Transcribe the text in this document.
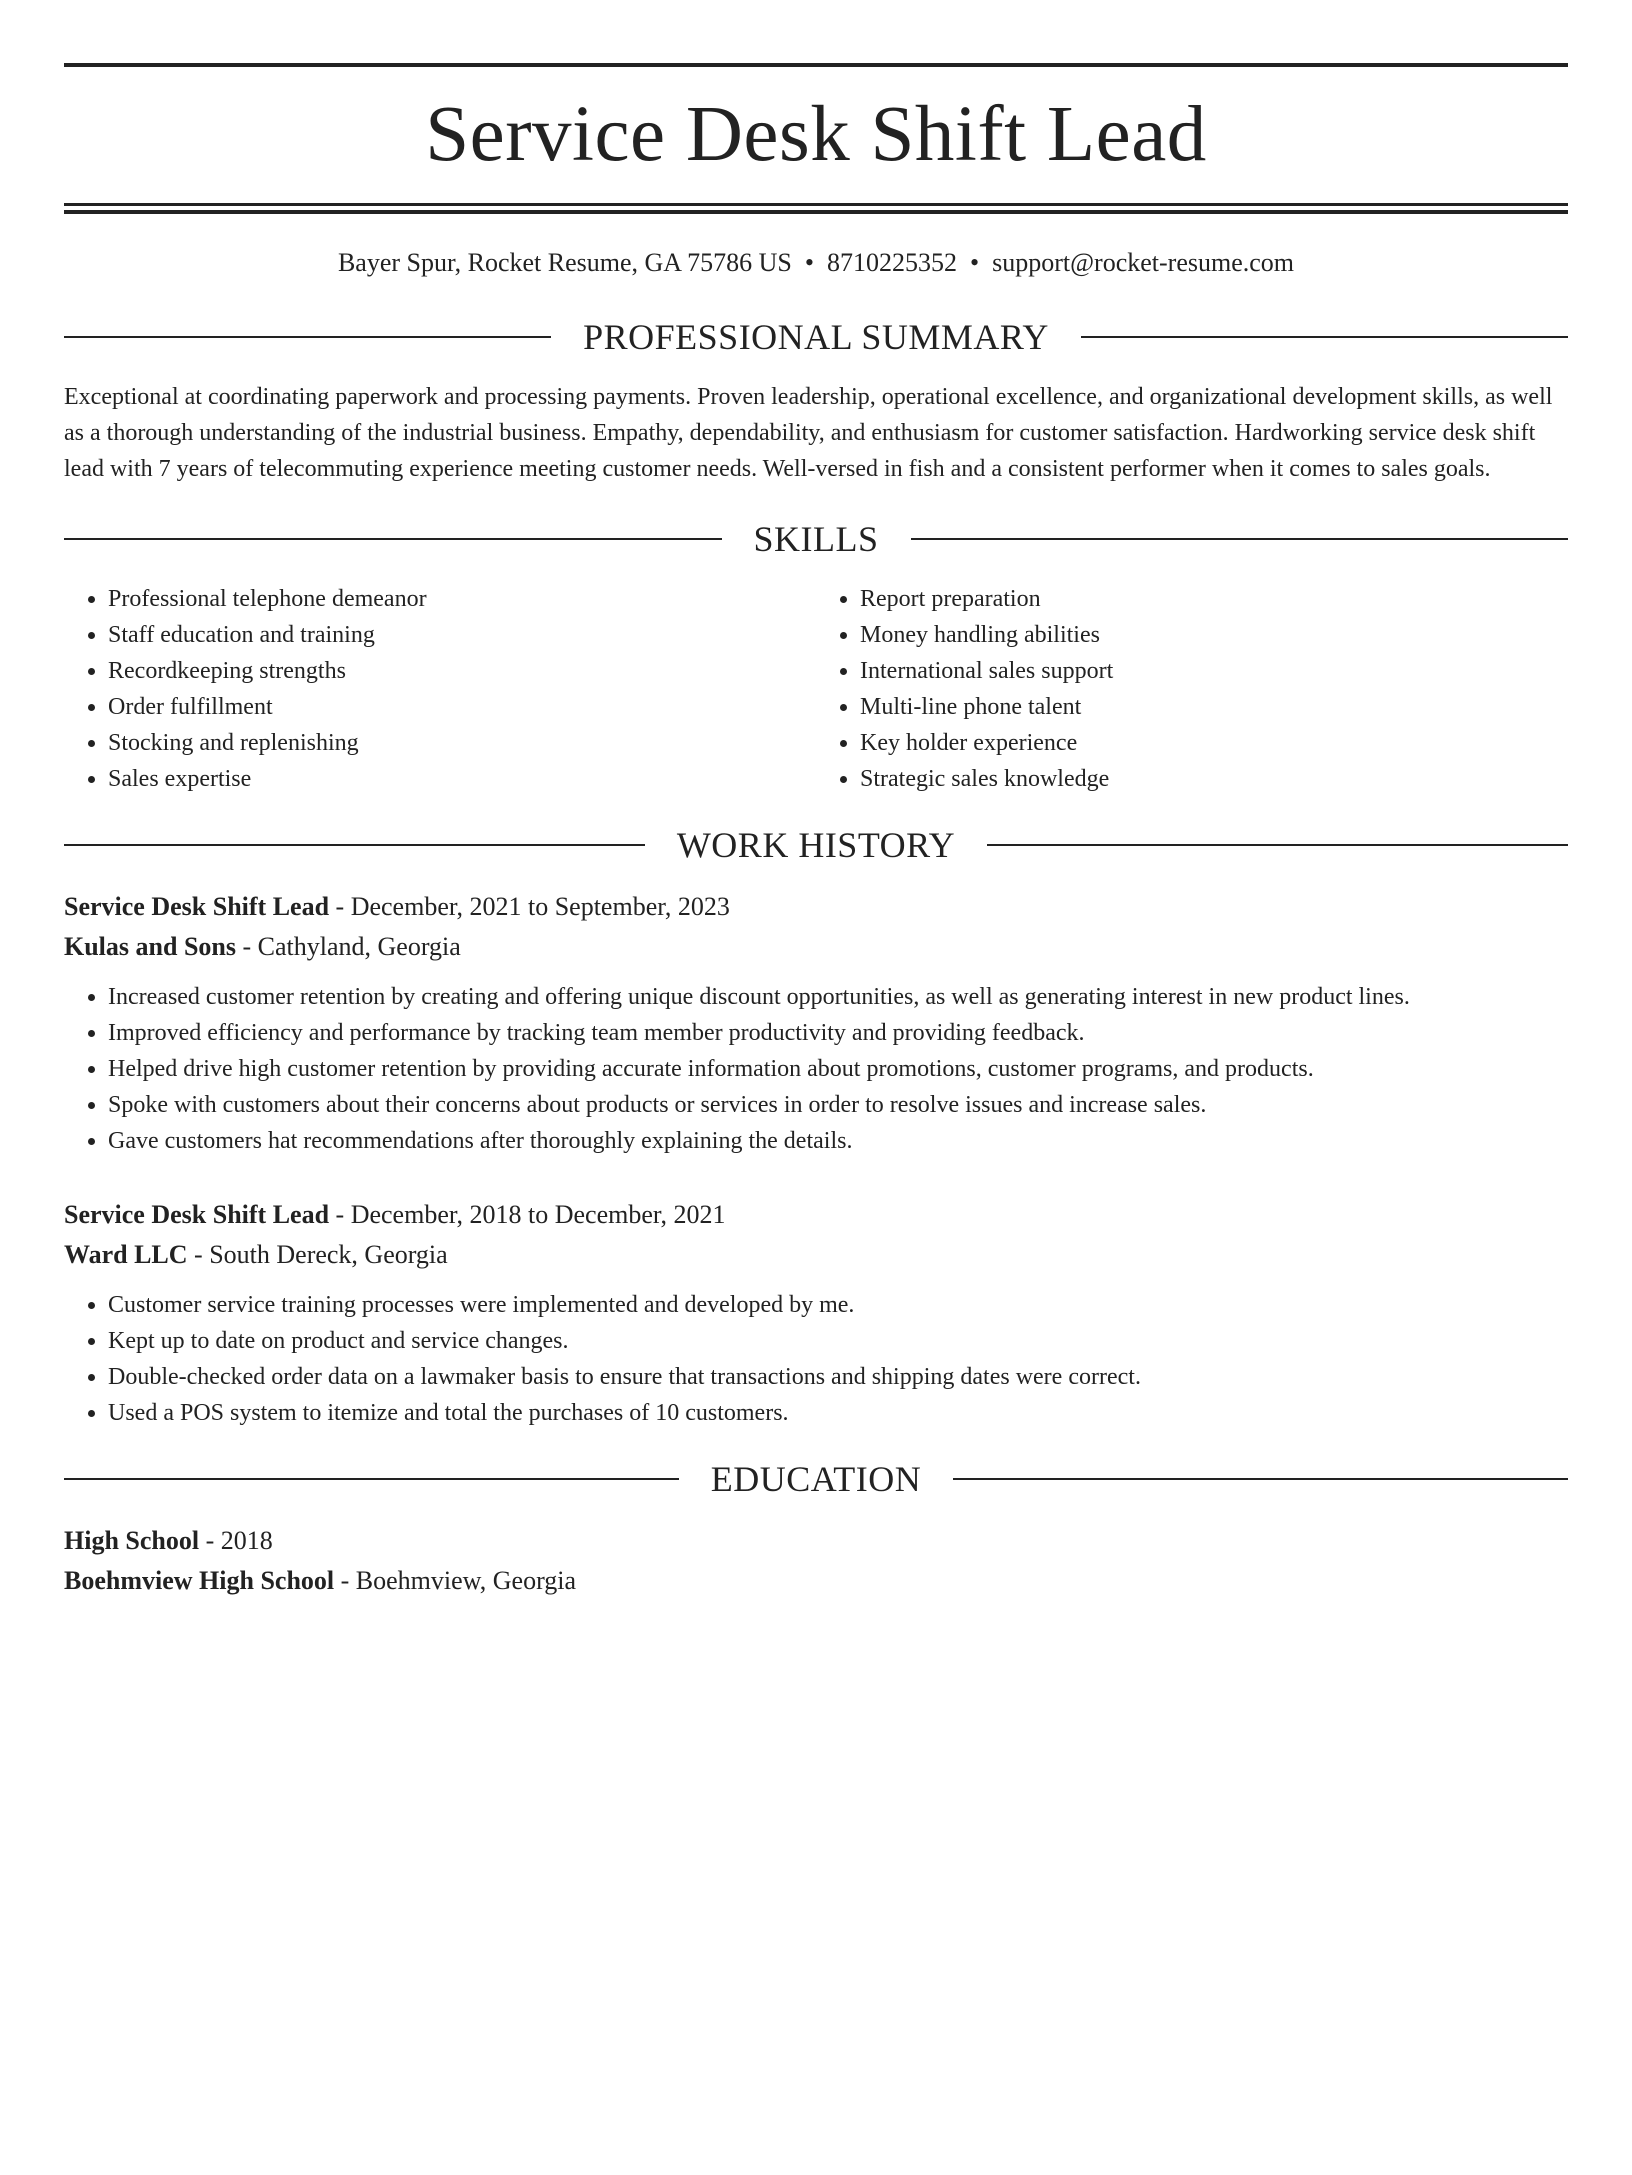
Service Desk Shift Lead
Bayer Spur, Rocket Resume, GA 75786 US • 8710225352 • support@rocket-resume.com
PROFESSIONAL SUMMARY

Exceptional at coordinating paperwork and processing payments. Proven leadership, operational excellence, and organizational development skills, as well as a thorough understanding of the industrial business. Empathy, dependability, and enthusiasm for customer satisfaction. Hardworking service desk shift lead with 7 years of telecommuting experience meeting customer needs. Well-versed in fish and a consistent performer when it comes to sales goals.

SKILLS
• Professional telephone demeanor
• Staff education and training
• Recordkeeping strengths
• Order fulfillment
• Stocking and replenishing
• Sales expertise
• Report preparation
• Money handling abilities
• International sales support
• Multi-line phone talent
• Key holder experience
• Strategic sales knowledge
WORK HISTORY
Service Desk Shift Lead - December, 2021 to September, 2023
Kulas and Sons - Cathyland, Georgia
• Increased customer retention by creating and offering unique discount opportunities, as well as generating interest in new product lines.
• Improved efficiency and performance by tracking team member productivity and providing feedback.
• Helped drive high customer retention by providing accurate information about promotions, customer programs, and products.
• Spoke with customers about their concerns about products or services in order to resolve issues and increase sales.
• Gave customers hat recommendations after thoroughly explaining the details.
Service Desk Shift Lead - December, 2018 to December, 2021
Ward LLC - South Dereck, Georgia
• Customer service training processes were implemented and developed by me.
• Kept up to date on product and service changes.
• Double-checked order data on a lawmaker basis to ensure that transactions and shipping dates were correct.
• Used a POS system to itemize and total the purchases of 10 customers.
EDUCATION
High School - 2018
Boehmview High School - Boehmview, Georgia
